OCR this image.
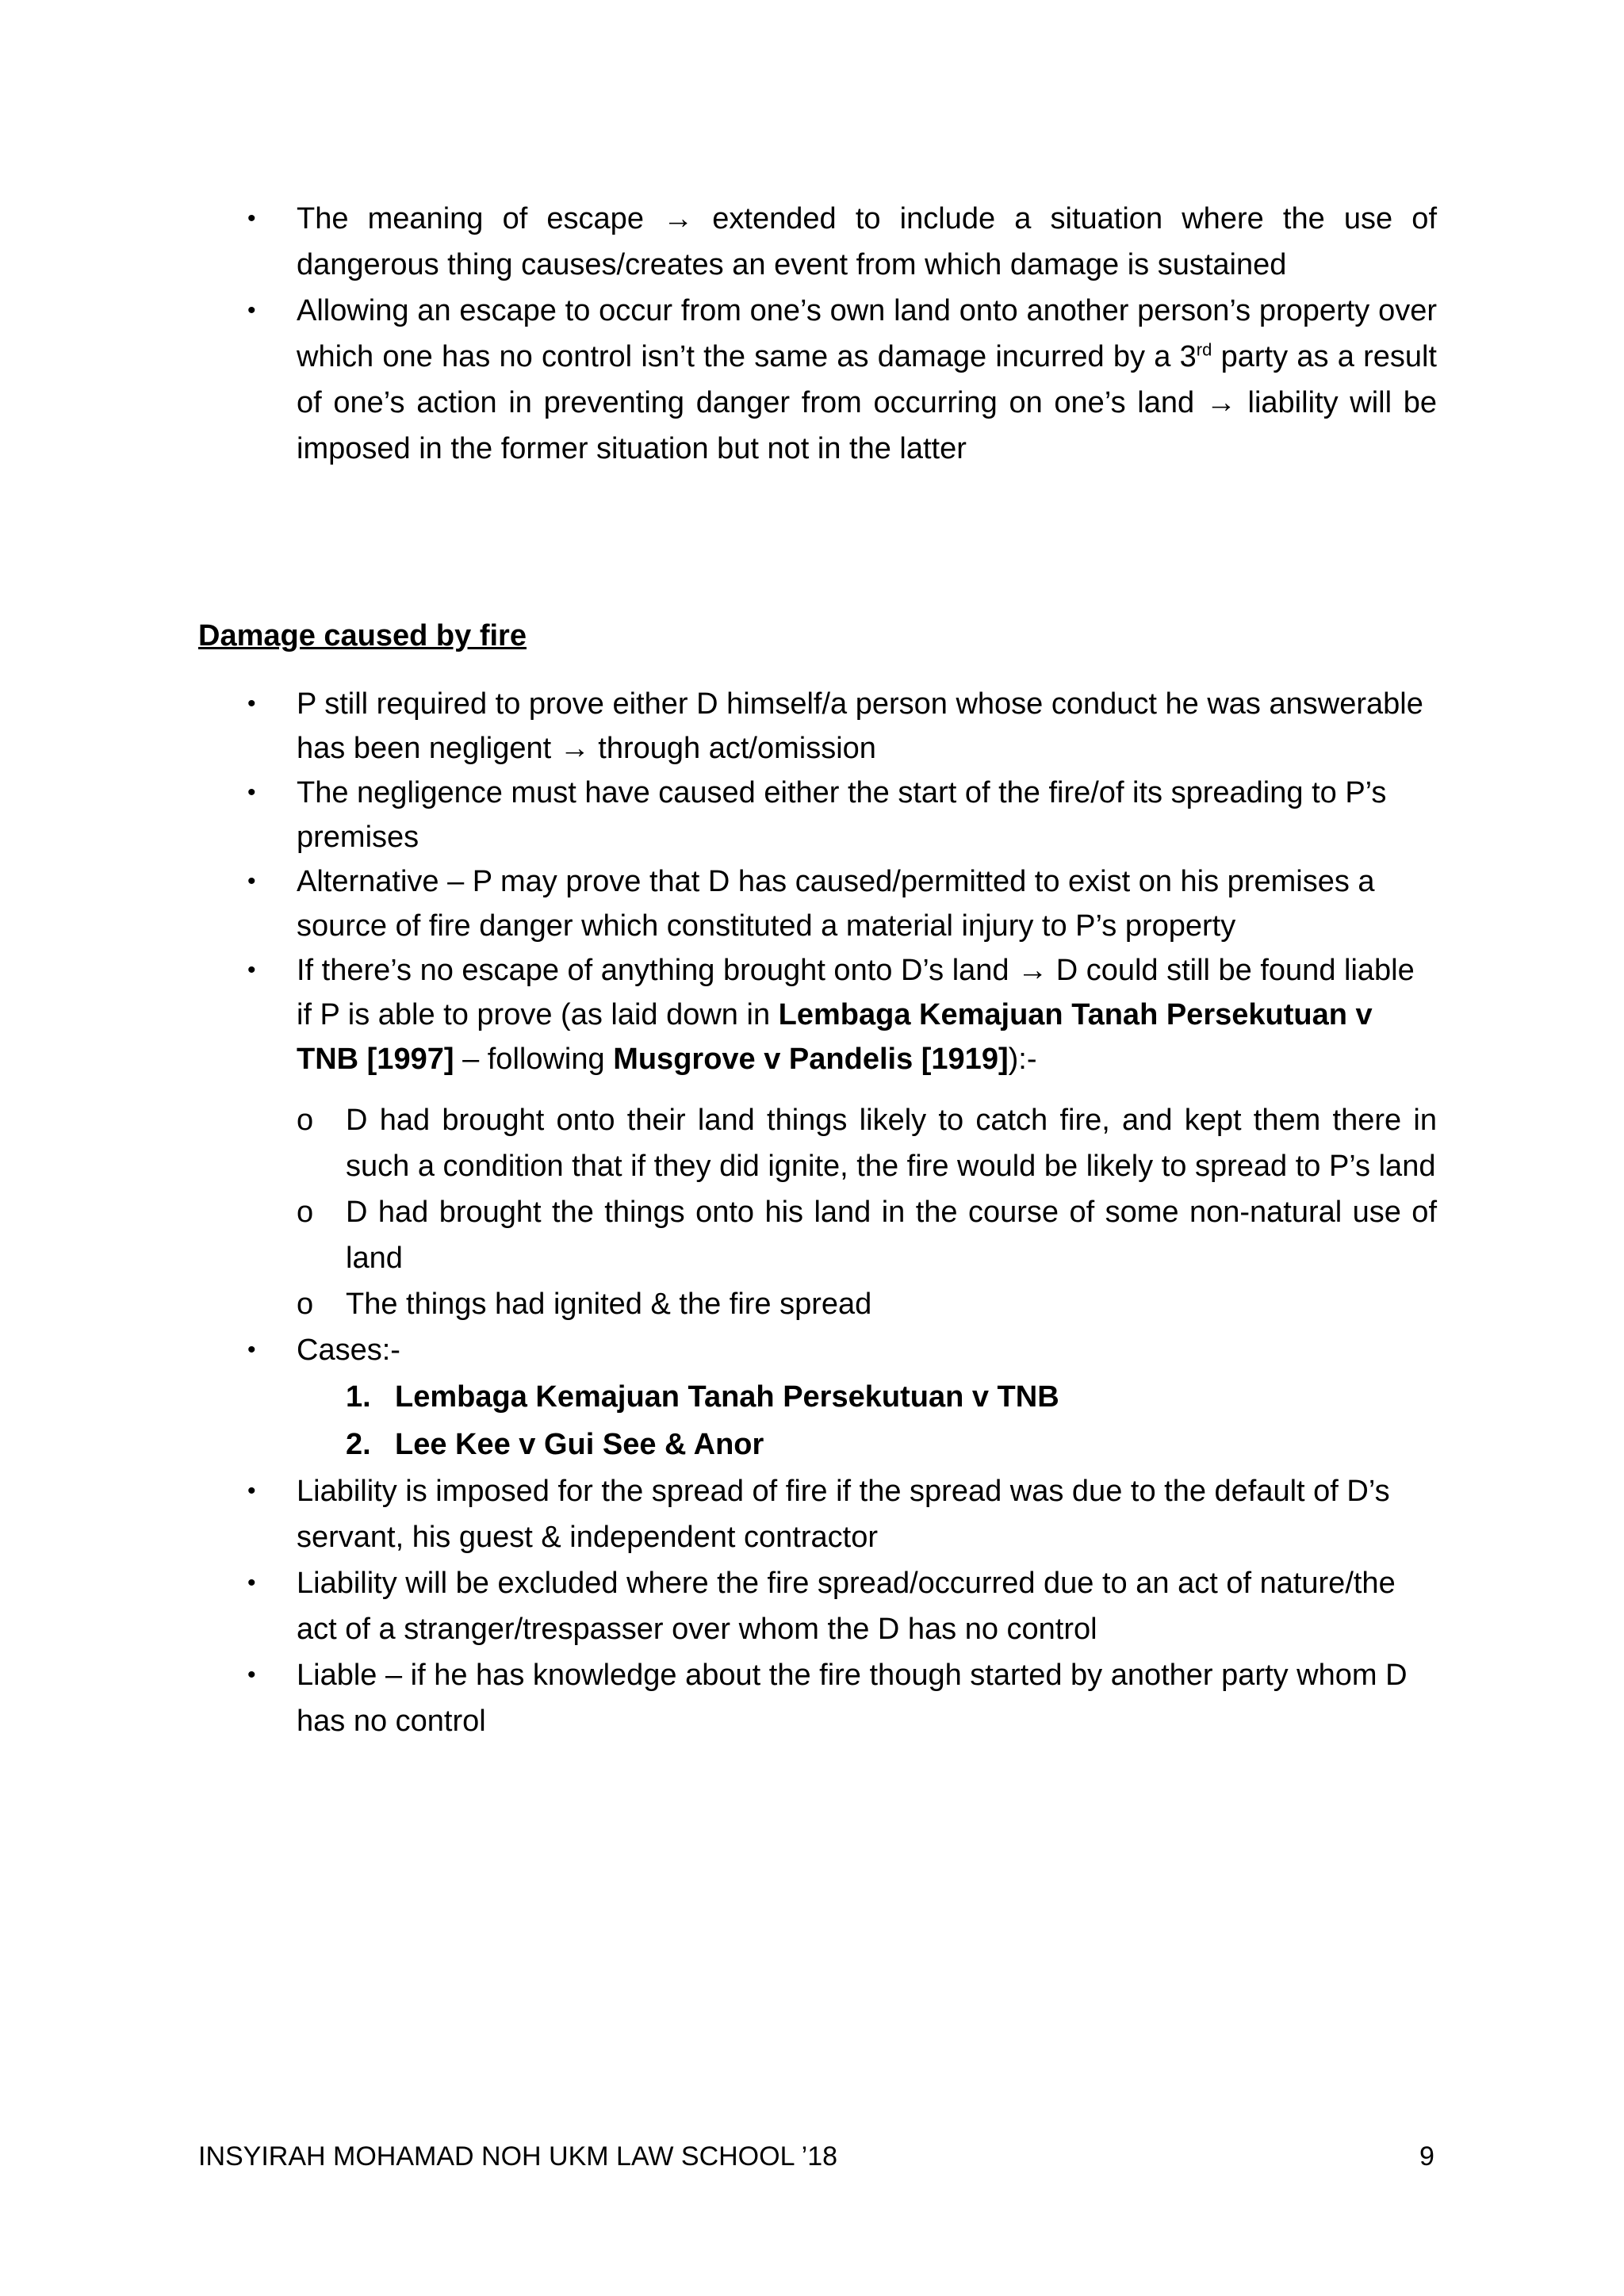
• The meaning of escape → extended to include a situation where the use of dangerous thing causes/creates an event from which damage is sustained
• Allowing an escape to occur from one’s own land onto another person’s property over which one has no control isn’t the same as damage incurred by a 3rd party as a result of one’s action in preventing danger from occurring on one’s land → liability will be imposed in the former situation but not in the latter
Damage caused by fire
• P still required to prove either D himself/a person whose conduct he was answerable has been negligent → through act/omission
• The negligence must have caused either the start of the fire/of its spreading to P’s premises
• Alternative – P may prove that D has caused/permitted to exist on his premises a source of fire danger which constituted a material injury to P’s property
• If there’s no escape of anything brought onto D’s land → D could still be found liable if P is able to prove (as laid down in Lembaga Kemajuan Tanah Persekutuan v TNB [1997] – following Musgrove v Pandelis [1919]):-
o D had brought onto their land things likely to catch fire, and kept them there in such a condition that if they did ignite, the fire would be likely to spread to P’s land
o D had brought the things onto his land in the course of some non-natural use of land
o The things had ignited & the fire spread
• Cases:-
1. Lembaga Kemajuan Tanah Persekutuan v TNB
2. Lee Kee v Gui See & Anor
• Liability is imposed for the spread of fire if the spread was due to the default of D’s servant, his guest & independent contractor
• Liability will be excluded where the fire spread/occurred due to an act of nature/the act of a stranger/trespasser over whom the D has no control
• Liable – if he has knowledge about the fire though started by another party whom D has no control
INSYIRAH MOHAMAD NOH UKM LAW SCHOOL ’18	9
